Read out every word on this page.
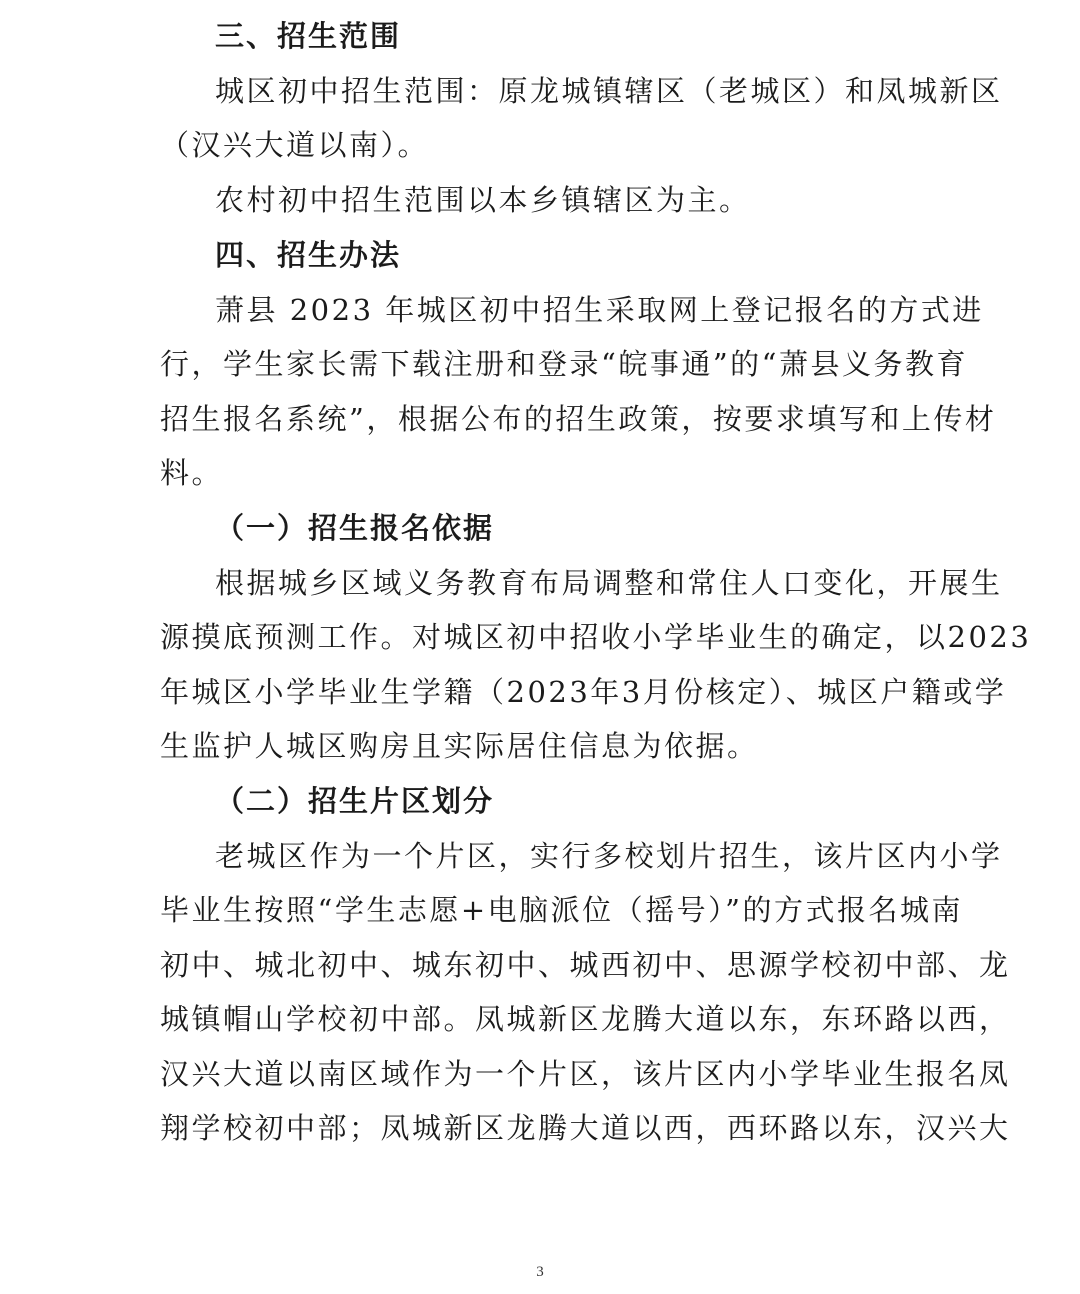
三、招生范围
城区初中招生范围：原龙城镇辖区（老城区）和凤城新区
（汉兴大道以南）。
农村初中招生范围以本乡镇辖区为主。
四、招生办法
萧县 2023 年城区初中招生采取网上登记报名的方式进
行，学生家长需下载注册和登录“皖事通”的“萧县义务教育
招生报名系统”，根据公布的招生政策，按要求填写和上传材
料。
（一）招生报名依据
根据城乡区域义务教育布局调整和常住人口变化，开展生
源摸底预测工作。对城区初中招收小学毕业生的确定，以2023
年城区小学毕业生学籍（2023年3月份核定）、城区户籍或学
生监护人城区购房且实际居住信息为依据。
（二）招生片区划分
老城区作为一个片区，实行多校划片招生，该片区内小学
毕业生按照“学生志愿+电脑派位（摇号）”的方式报名城南
初中、城北初中、城东初中、城西初中、思源学校初中部、龙
城镇帽山学校初中部。凤城新区龙腾大道以东，东环路以西，
汉兴大道以南区域作为一个片区，该片区内小学毕业生报名凤
翔学校初中部；凤城新区龙腾大道以西，西环路以东，汉兴大
3
